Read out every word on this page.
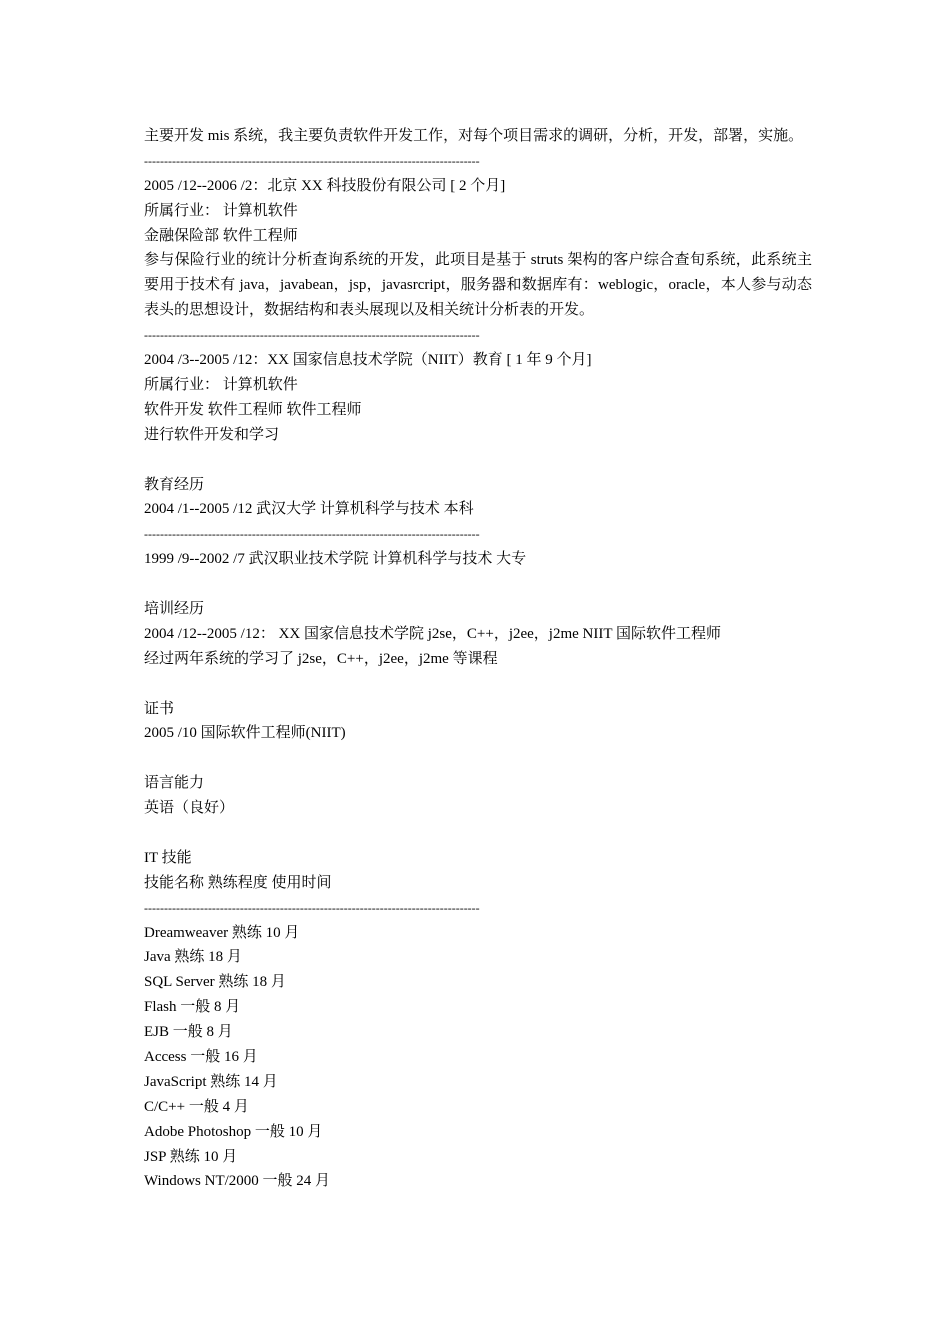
主要开发 mis 系统，我主要负责软件开发工作，对每个项目需求的调研，分析，开发，部署，实施。
------------------------------------------------------------------------------------
2005 /12--2006 /2：北京 XX 科技股份有限公司 [ 2 个月]
所属行业： 计算机软件
金融保险部 软件工程师
参与保险行业的统计分析查询系统的开发，此项目是基于 struts 架构的客户综合查旬系统，此系统主要用于技术有 java，javabean，jsp，javasrcript，服务器和数据库有：weblogic，oracle，本人参与动态表头的思想设计，数据结构和表头展现以及相关统计分析表的开发。
------------------------------------------------------------------------------------
2004 /3--2005 /12：XX 国家信息技术学院（NIIT）教育 [ 1 年 9 个月]
所属行业： 计算机软件
软件开发 软件工程师 软件工程师
进行软件开发和学习
教育经历
2004 /1--2005 /12 武汉大学 计算机科学与技术 本科
------------------------------------------------------------------------------------
1999 /9--2002 /7 武汉职业技术学院 计算机科学与技术 大专
培训经历
2004 /12--2005 /12： XX 国家信息技术学院 j2se，C++，j2ee，j2me NIIT 国际软件工程师
经过两年系统的学习了 j2se，C++，j2ee，j2me 等课程
证书
2005 /10 国际软件工程师(NIIT)
语言能力
英语（良好）
IT 技能
技能名称 熟练程度 使用时间
------------------------------------------------------------------------------------
Dreamweaver 熟练 10 月
Java 熟练 18 月
SQL Server 熟练 18 月
Flash 一般 8 月
EJB 一般 8 月
Access 一般 16 月
JavaScript 熟练 14 月
C/C++ 一般 4 月
Adobe Photoshop 一般 10 月
JSP 熟练 10 月
Windows NT/2000 一般 24 月
